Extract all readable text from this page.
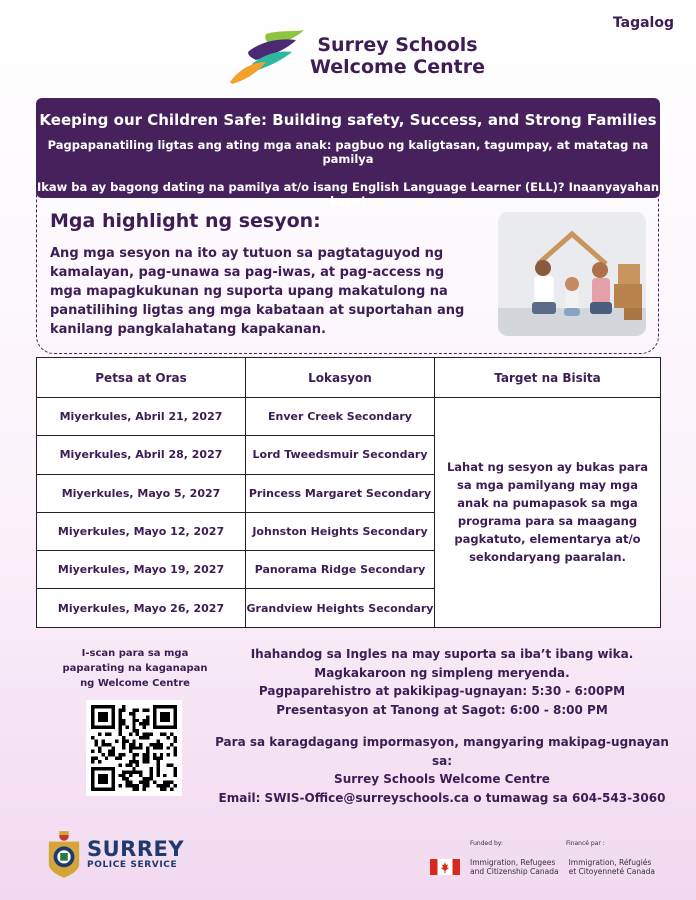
Tagalog
Surrey Schools
Welcome Centre
Keeping our Children Safe: Building safety, Success, and Strong Families
Pagpapanatiling ligtas ang ating mga anak: pagbuo ng kaligtasan, tagumpay, at matatag na pamilya
Ikaw ba ay bagong dating na pamilya at/o isang English Language Learner (ELL)? Inaanyayahan kayo!
Mga highlight ng sesyon:
Ang mga sesyon na ito ay tutuon sa pagtataguyod ng kamalayan, pag-unawa sa pag-iwas, at pag-access ng mga mapagkukunan ng suporta upang makatulong na panatilihing ligtas ang mga kabataan at suportahan ang kanilang pangkalahatang kapakanan.
Petsa at Oras	Lokasyon	Target na Bisita
Miyerkules, Abril 21, 2027	Enver Creek Secondary	Lahat ng sesyon ay bukas para sa mga pamilyang may mga anak na pumapasok sa mga programa para sa maagang pagkatuto, elementarya at/o sekondaryang paaralan.
Miyerkules, Abril 28, 2027	Lord Tweedsmuir Secondary	
Miyerkules, Mayo 5, 2027	Princess Margaret Secondary	
Miyerkules, Mayo 12, 2027	Johnston Heights Secondary	
Miyerkules, Mayo 19, 2027	Panorama Ridge Secondary	
Miyerkules, Mayo 26, 2027	Grandview Heights Secondary	
I-scan para sa mga paparating na kaganapan ng Welcome Centre
Ihahandog sa Ingles na may suporta sa iba’t ibang wika.
Magkakaroon ng simpleng meryenda.
Pagpaparehistro at pakikipag-ugnayan: 5:30 - 6:00PM
Presentasyon at Tanong at Sagot: 6:00 - 8:00 PM
Para sa karagdagang impormasyon, mangyaring makipag-ugnayan sa:
Surrey Schools Welcome Centre
Email: SWIS-Office@surreyschools.ca o tumawag sa 604-543-3060
SURREY
POLICE SERVICE
Funded by:	Financé par :
Immigration, Refugees
and Citizenship Canada
Immigration, Réfugiés
et Citoyenneté Canada
